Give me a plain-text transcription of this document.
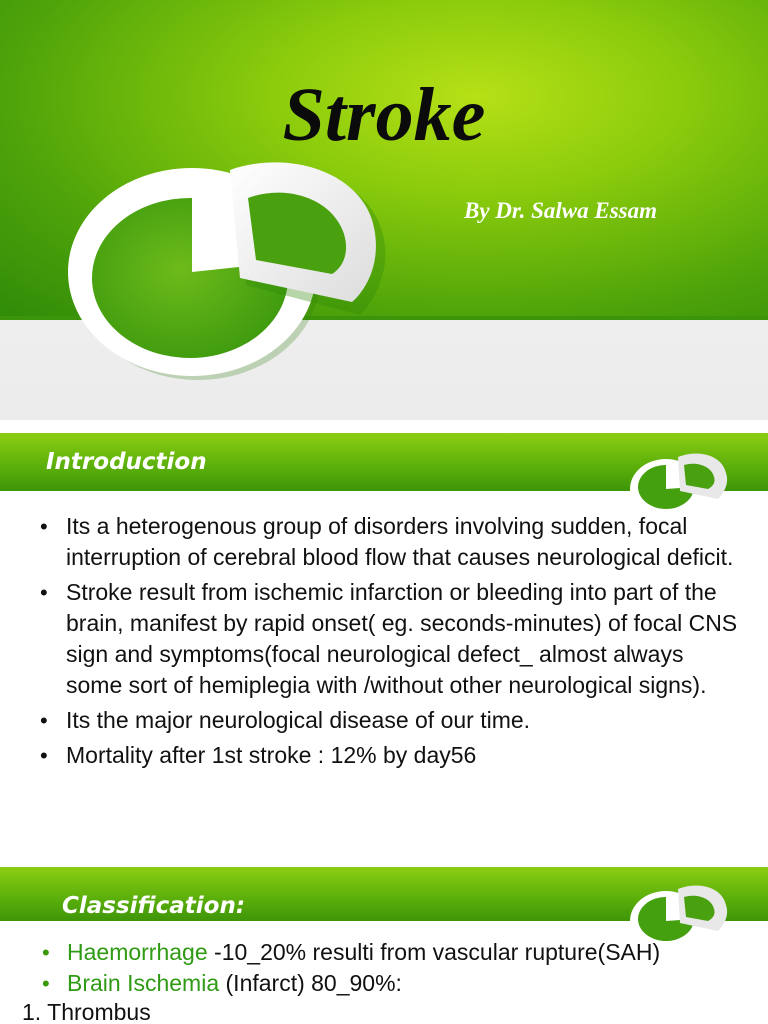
Stroke
By Dr. Salwa Essam
Introduction
• Its a heterogenous group of disorders involving sudden, focal interruption of cerebral blood flow that causes neurological deficit.
• Stroke result from ischemic infarction or bleeding into part of the brain, manifest by rapid onset( eg. seconds-minutes) of focal CNS sign and symptoms(focal neurological defect_ almost always some sort of hemiplegia with /without other neurological signs).
• Its the major neurological disease of our time.
• Mortality after 1st stroke : 12% by day56
Classification:
• Haemorrhage -10_20% resulti from vascular rupture(SAH)
• Brain Ischemia (Infarct) 80_90%:
1. Thrombus
